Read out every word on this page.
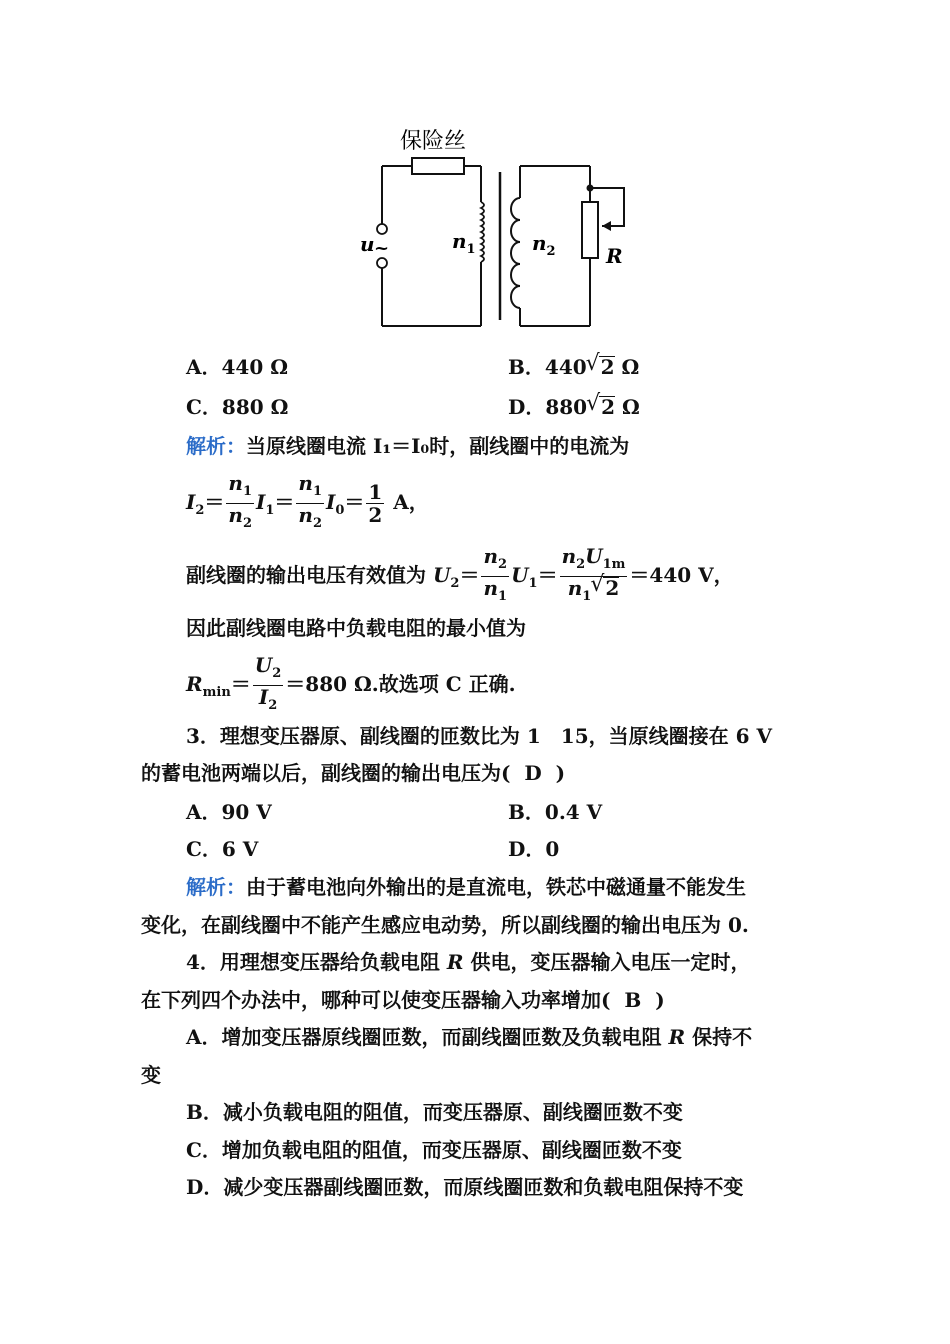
保险丝
u ~	$n_1$	$n_2$	R
A．440 Ω	B．440 √ 2 Ω
C．880 Ω	D．880 √ 2 Ω
解析：当原线圈电流 I₁＝I₀时，副线圈中的电流为
$I_2= \frac{n_1}{n_2} I_1= \frac{n_1}{n_2} I_0= \frac{1}{2}$ A，
副线圈的输出电压有效值为 $U_2= \frac{n_2}{n_1} U_1= \frac{n_2U_{1m}}{n_1 √ 2} =440$ V，
因此副线圈电路中负载电阻的最小值为
$R_{min}= \frac{U_2}{I_2} =880$ Ω.故选项 C 正确.
3．理想变压器原、副线圈的匝数比为 1　15，当原线圈接在 6 V
的蓄电池两端以后，副线圈的输出电压为( D  )
A．90 V	B．0.4 V
C．6 V	D．0
解析：由于蓄电池向外输出的是直流电，铁芯中磁通量不能发生
变化，在副线圈中不能产生感应电动势，所以副线圈的输出电压为 0.
4．用理想变压器给负载电阻 R 供电，变压器输入电压一定时，
在下列四个办法中，哪种可以使变压器输入功率增加( B  )
A．增加变压器原线圈匝数，而副线圈匝数及负载电阻 R 保持不
变
B．减小负载电阻的阻值，而变压器原、副线圈匝数不变
C．增加负载电阻的阻值，而变压器原、副线圈匝数不变
D．减少变压器副线圈匝数，而原线圈匝数和负载电阻保持不变
